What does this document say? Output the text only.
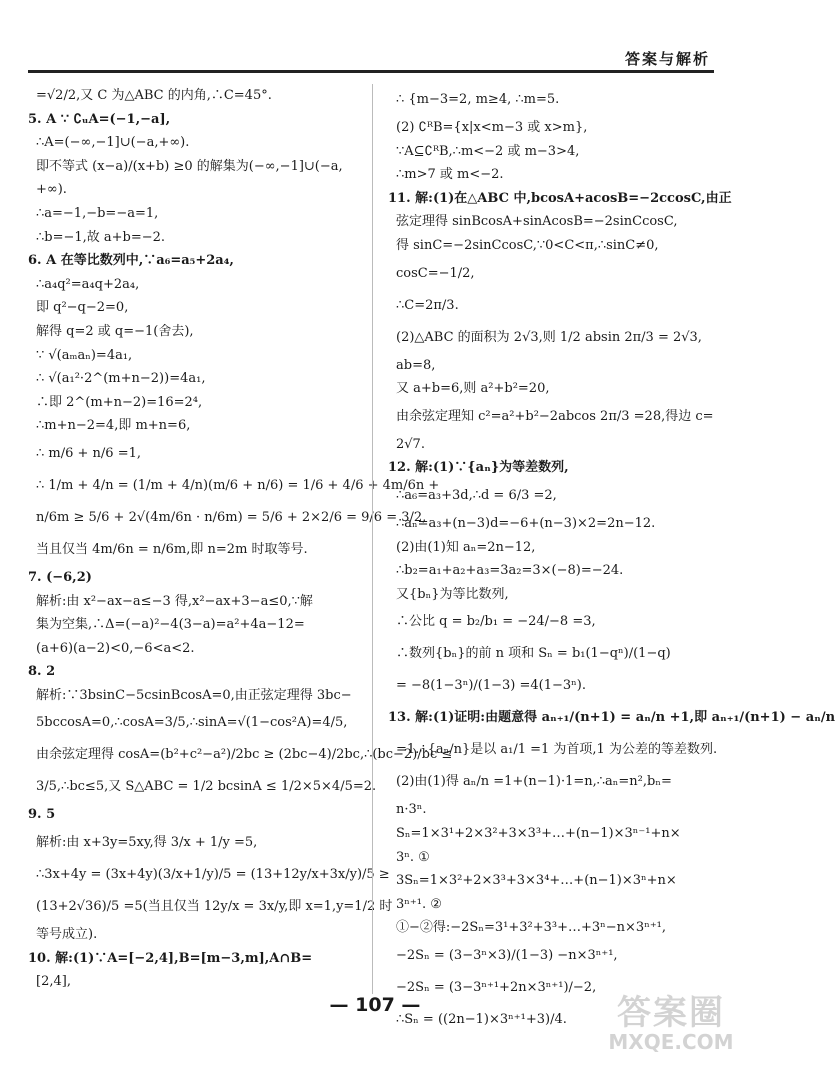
答案与解析
=√2/2,又 C 为△ABC 的内角,∴C=45°.
5. A ∵ ∁ᵤA=(−1,−a],
∴A=(−∞,−1]∪(−a,+∞).
即不等式 (x−a)/(x+b) ≥0 的解集为(−∞,−1]∪(−a,
+∞).
∴a=−1,−b=−a=1,
∴b=−1,故 a+b=−2.
6. A 在等比数列中,∵a₆=a₅+2a₄,
∴a₄q²=a₄q+2a₄,
即 q²−q−2=0,
解得 q=2 或 q=−1(舍去),
∵ √(aₘaₙ)=4a₁,
∴ √(a₁²·2^(m+n−2))=4a₁,
∴即 2^(m+n−2)=16=2⁴,
∴m+n−2=4,即 m+n=6,
∴ m/6 + n/6 =1,
∴ 1/m + 4/n = (1/m + 4/n)(m/6 + n/6) = 1/6 + 4/6 + 4m/6n +
n/6m ≥ 5/6 + 2√(4m/6n · n/6m) = 5/6 + 2×2/6 = 9/6 = 3/2,
当且仅当 4m/6n = n/6m,即 n=2m 时取等号.
7. (−6,2)
解析:由 x²−ax−a≤−3 得,x²−ax+3−a≤0,∵解
集为空集,∴Δ=(−a)²−4(3−a)=a²+4a−12=
(a+6)(a−2)<0,−6<a<2.
8. 2
解析:∵3bsinC−5csinBcosA=0,由正弦定理得 3bc−
5bccosA=0,∴cosA=3/5,∴sinA=√(1−cos²A)=4/5,
由余弦定理得 cosA=(b²+c²−a²)/2bc ≥ (2bc−4)/2bc,∴(bc−2)/bc ≤
3/5,∴bc≤5,又 S△ABC = 1/2 bcsinA ≤ 1/2×5×4/5=2.
9. 5
解析:由 x+3y=5xy,得 3/x + 1/y =5,
∴3x+4y = (3x+4y)(3/x+1/y)/5 = (13+12y/x+3x/y)/5 ≥
(13+2√36)/5 =5(当且仅当 12y/x = 3x/y,即 x=1,y=1/2 时
等号成立).
10. 解:(1)∵A=[−2,4],B=[m−3,m],A∩B=
[2,4],
∴ {m−3=2, m≥4, ∴m=5.
(2) ∁ᴿB={x|x<m−3 或 x>m},
∵A⊆∁ᴿB,∴m<−2 或 m−3>4,
∴m>7 或 m<−2.
11. 解:(1)在△ABC 中,bcosA+acosB=−2ccosC,由正
弦定理得 sinBcosA+sinAcosB=−2sinCcosC,
得 sinC=−2sinCcosC,∵0<C<π,∴sinC≠0,
cosC=−1/2,
∴C=2π/3.
(2)△ABC 的面积为 2√3,则 1/2 absin 2π/3 = 2√3,
ab=8,
又 a+b=6,则 a²+b²=20,
由余弦定理知 c²=a²+b²−2abcos 2π/3 =28,得边 c=
2√7.
12. 解:(1)∵{aₙ}为等差数列,
∴a₆=a₃+3d,∴d = 6/3 =2,
∴aₙ=a₃+(n−3)d=−6+(n−3)×2=2n−12.
(2)由(1)知 aₙ=2n−12,
∴b₂=a₁+a₂+a₃=3a₂=3×(−8)=−24.
又{bₙ}为等比数列,
∴公比 q = b₂/b₁ = −24/−8 =3,
∴数列{bₙ}的前 n 项和 Sₙ = b₁(1−qⁿ)/(1−q)
= −8(1−3ⁿ)/(1−3) =4(1−3ⁿ).
13. 解:(1)证明:由题意得 aₙ₊₁/(n+1) = aₙ/n +1,即 aₙ₊₁/(n+1) − aₙ/n
=1.∴{aₙ/n}是以 a₁/1 =1 为首项,1 为公差的等差数列.
(2)由(1)得 aₙ/n =1+(n−1)·1=n,∴aₙ=n²,bₙ=
n·3ⁿ.
Sₙ=1×3¹+2×3²+3×3³+…+(n−1)×3ⁿ⁻¹+n×
3ⁿ. ①
3Sₙ=1×3²+2×3³+3×3⁴+…+(n−1)×3ⁿ+n×
3ⁿ⁺¹. ②
①−②得:−2Sₙ=3¹+3²+3³+…+3ⁿ−n×3ⁿ⁺¹,
−2Sₙ = (3−3ⁿ×3)/(1−3) −n×3ⁿ⁺¹,
−2Sₙ = (3−3ⁿ⁺¹+2n×3ⁿ⁺¹)/−2,
∴Sₙ = ((2n−1)×3ⁿ⁺¹+3)/4.
— 107 —	答案圈
MXQE.COM
